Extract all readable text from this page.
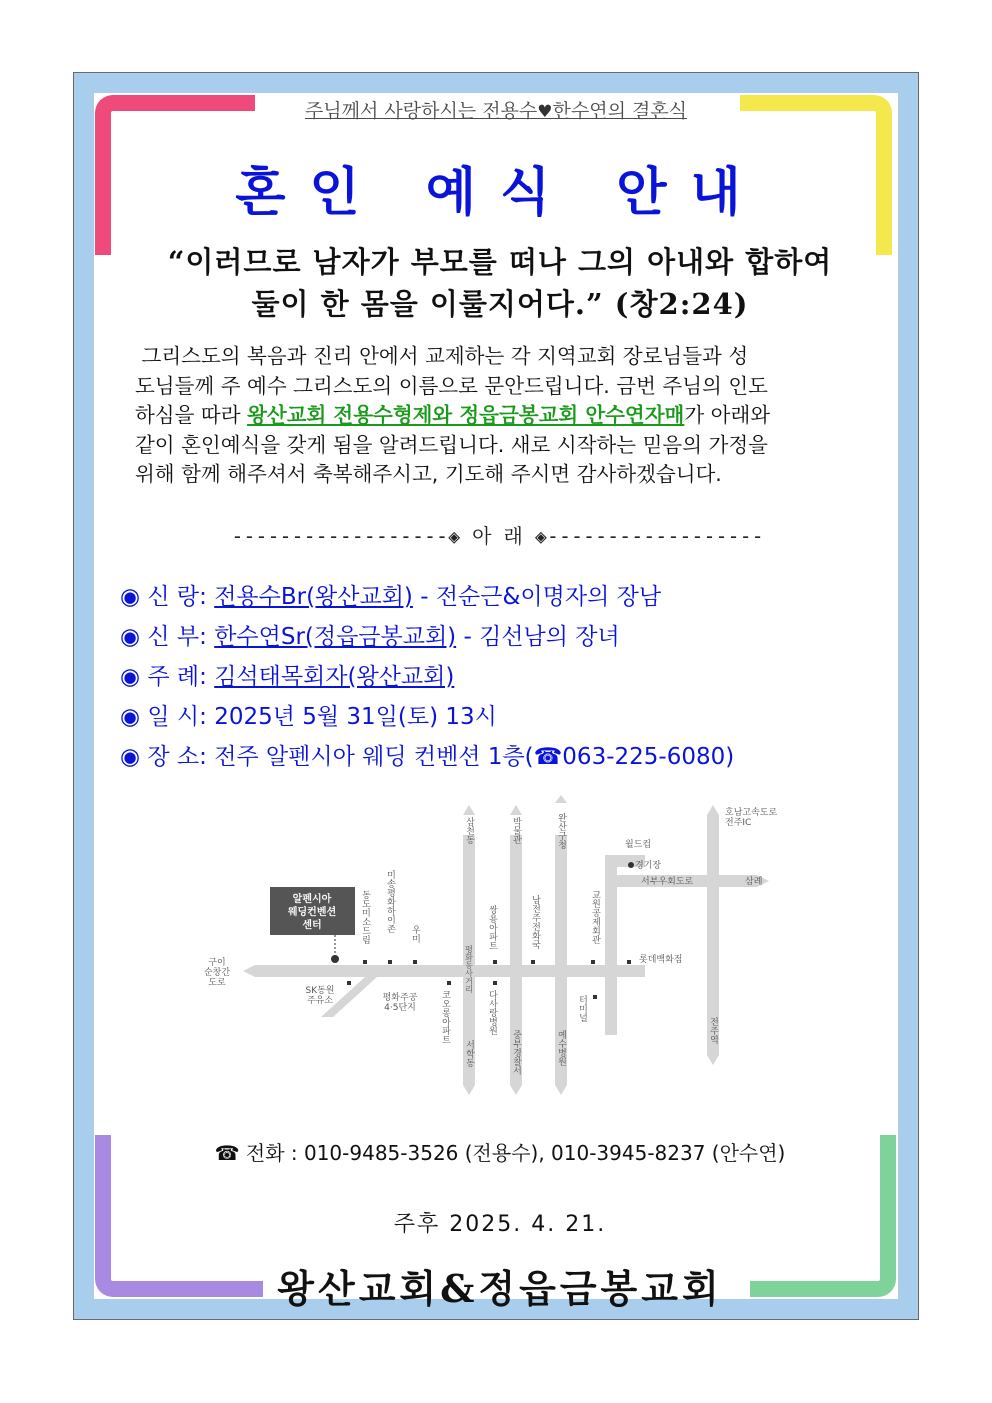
주님께서 사랑하시는 전용수♥한수연의 결혼식
혼인 예식 안내
“이러므로 남자가 부모를 떠나 그의 아내와 합하여
둘이 한 몸을 이룰지어다.” (창2:24)
그리스도의 복음과 진리 안에서 교제하는 각 지역교회 장로님들과 성
도님들께 주 예수 그리스도의 이름으로 문안드립니다. 금번 주님의 인도
하심을 따라 왕산교회 전용수형제와 정읍금봉교회 안수연자매가 아래와
같이 혼인예식을 갖게 됨을 알려드립니다. 새로 시작하는 믿음의 가정을
위해 함께 해주셔서 축복해주시고, 기도해 주시면 감사하겠습니다.
------------------◈ 아 래 ◈------------------
◉ 신 랑: 전용수Br(왕산교회) - 전순근&이명자의 장남
◉ 신 부: 한수연Sr(정읍금봉교회) - 김선남의 장녀
◉ 주 례: 김석태목회자(왕산교회)
◉ 일 시: 2025년 5월 31일(토) 13시
◉ 장 소: 전주 알펜시아 웨딩 컨벤션 1층(☎063-225-6080)
알펜시아
웨딩컨벤션
센터
구이
순창간
도로
SK동원
주유소	평화주공
4·5단지
동도미소드림 미송평화하이존
우미
삼천동
평화동사거리
코오롱아파트
서학동
박물관
쌍용아파트
다사랑병원
중부경찰서
완산구청
남전주전화국
예수병원
터미널
교원공제회관
롯데백화점
월드컵
경기장
서부우회도로	삼례
호남고속도로
전주IC
전주역
☎ 전화 : 010-9485-3526 (전용수), 010-3945-8237 (안수연)
주후 2025. 4. 21.
왕산교회&정읍금봉교회
